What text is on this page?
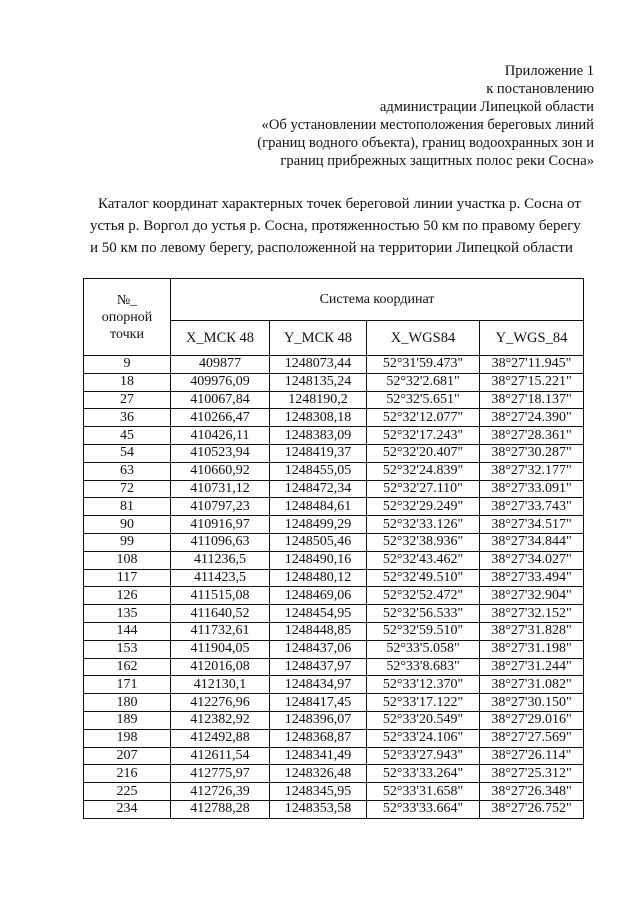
Приложение 1
к постановлению
администрации Липецкой области
«Об установлении местоположения береговых линий
(границ водного объекта), границ водоохранных зон и
границ прибрежных защитных полос реки Сосна»
Каталог координат характерных точек береговой линии участка р. Сосна от
устья р. Воргол до устья р. Сосна, протяженностью 50 км по правому берегу
и 50 км по левому берегу, расположенной на территории Липецкой области
№_
опорной
точки	Система координат			
	X_МСК 48	Y_МСК 48	X_WGS84	Y_WGS_84
9	409877	1248073,44	52°31'59.473"	38°27'11.945"
18	409976,09	1248135,24	52°32'2.681"	38°27'15.221"
27	410067,84	1248190,2	52°32'5.651"	38°27'18.137"
36	410266,47	1248308,18	52°32'12.077"	38°27'24.390"
45	410426,11	1248383,09	52°32'17.243"	38°27'28.361"
54	410523,94	1248419,37	52°32'20.407"	38°27'30.287"
63	410660,92	1248455,05	52°32'24.839"	38°27'32.177"
72	410731,12	1248472,34	52°32'27.110"	38°27'33.091"
81	410797,23	1248484,61	52°32'29.249"	38°27'33.743"
90	410916,97	1248499,29	52°32'33.126"	38°27'34.517"
99	411096,63	1248505,46	52°32'38.936"	38°27'34.844"
108	411236,5	1248490,16	52°32'43.462"	38°27'34.027"
117	411423,5	1248480,12	52°32'49.510"	38°27'33.494"
126	411515,08	1248469,06	52°32'52.472"	38°27'32.904"
135	411640,52	1248454,95	52°32'56.533"	38°27'32.152"
144	411732,61	1248448,85	52°32'59.510"	38°27'31.828"
153	411904,05	1248437,06	52°33'5.058"	38°27'31.198"
162	412016,08	1248437,97	52°33'8.683"	38°27'31.244"
171	412130,1	1248434,97	52°33'12.370"	38°27'31.082"
180	412276,96	1248417,45	52°33'17.122"	38°27'30.150"
189	412382,92	1248396,07	52°33'20.549"	38°27'29.016"
198	412492,88	1248368,87	52°33'24.106"	38°27'27.569"
207	412611,54	1248341,49	52°33'27.943"	38°27'26.114"
216	412775,97	1248326,48	52°33'33.264"	38°27'25.312"
225	412726,39	1248345,95	52°33'31.658"	38°27'26.348"
234	412788,28	1248353,58	52°33'33.664"	38°27'26.752"
